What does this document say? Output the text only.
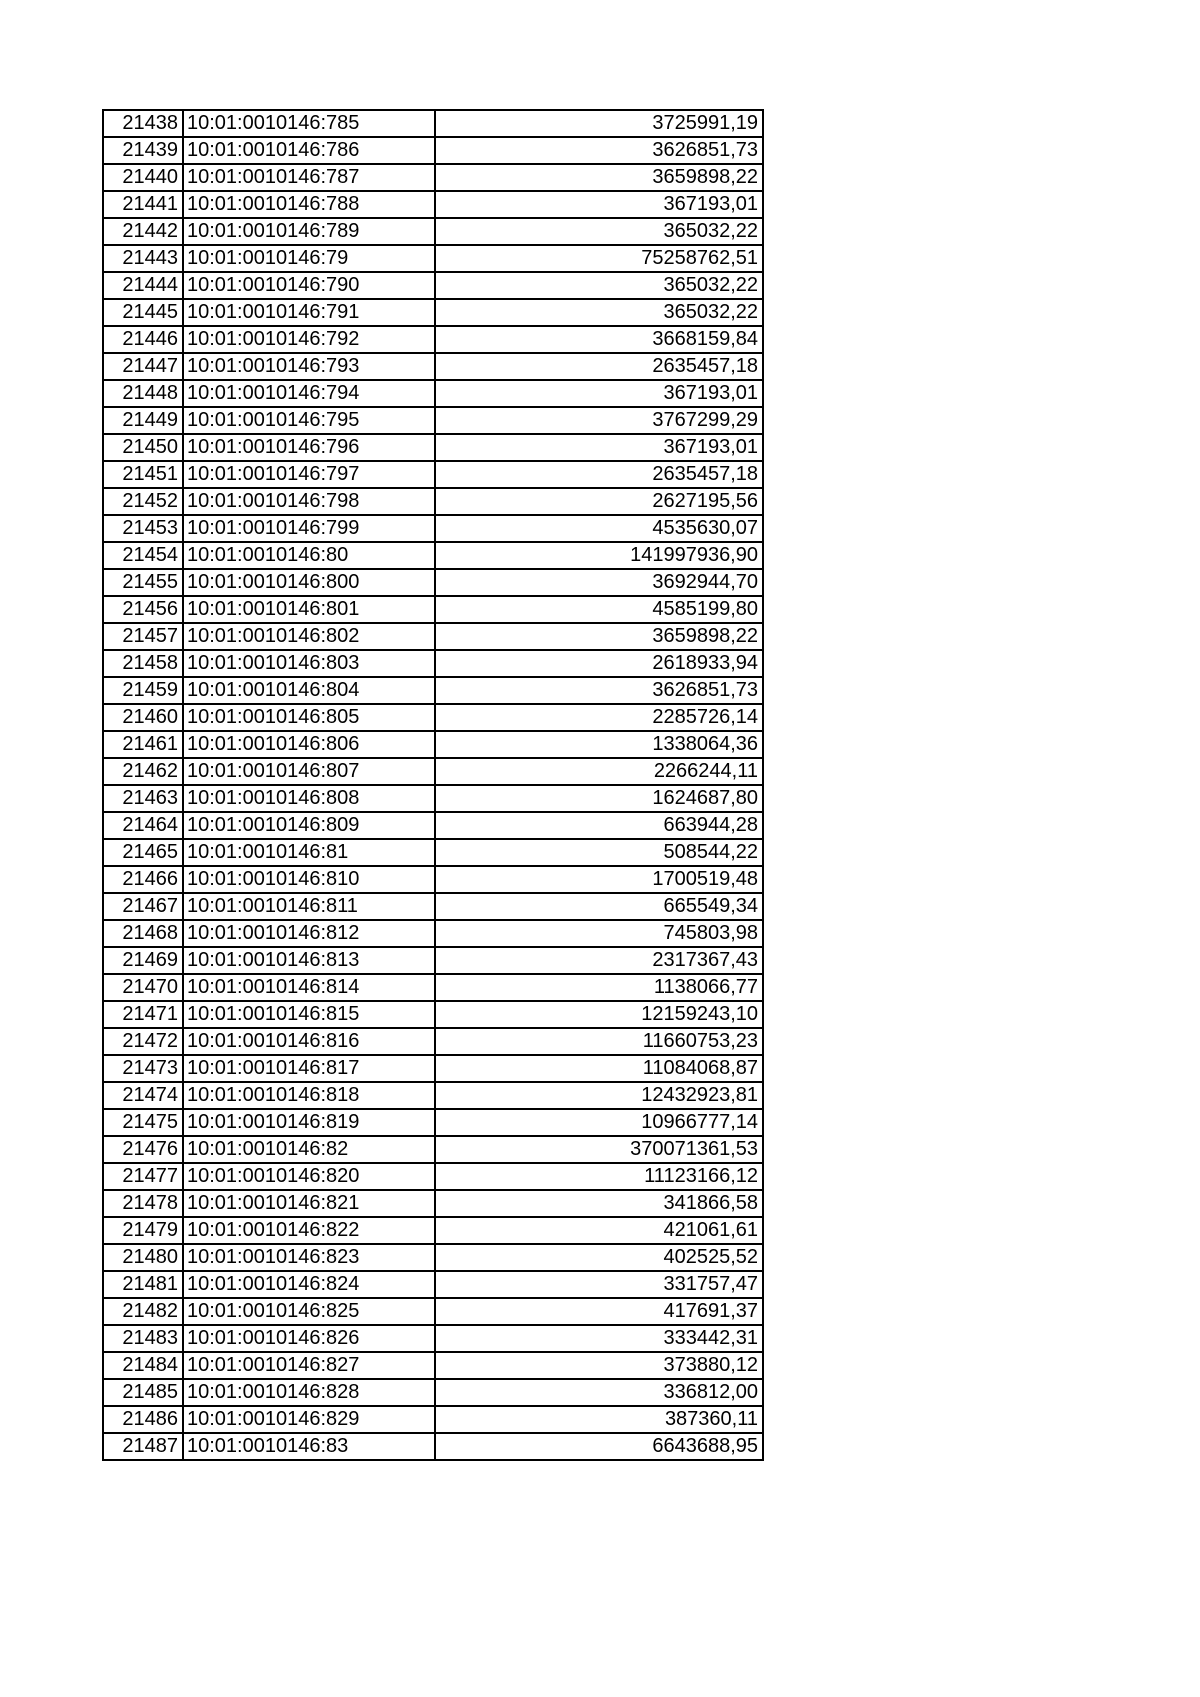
21438	10:01:0010146:785	3725991,19
21439	10:01:0010146:786	3626851,73
21440	10:01:0010146:787	3659898,22
21441	10:01:0010146:788	367193,01
21442	10:01:0010146:789	365032,22
21443	10:01:0010146:79	75258762,51
21444	10:01:0010146:790	365032,22
21445	10:01:0010146:791	365032,22
21446	10:01:0010146:792	3668159,84
21447	10:01:0010146:793	2635457,18
21448	10:01:0010146:794	367193,01
21449	10:01:0010146:795	3767299,29
21450	10:01:0010146:796	367193,01
21451	10:01:0010146:797	2635457,18
21452	10:01:0010146:798	2627195,56
21453	10:01:0010146:799	4535630,07
21454	10:01:0010146:80	141997936,90
21455	10:01:0010146:800	3692944,70
21456	10:01:0010146:801	4585199,80
21457	10:01:0010146:802	3659898,22
21458	10:01:0010146:803	2618933,94
21459	10:01:0010146:804	3626851,73
21460	10:01:0010146:805	2285726,14
21461	10:01:0010146:806	1338064,36
21462	10:01:0010146:807	2266244,11
21463	10:01:0010146:808	1624687,80
21464	10:01:0010146:809	663944,28
21465	10:01:0010146:81	508544,22
21466	10:01:0010146:810	1700519,48
21467	10:01:0010146:811	665549,34
21468	10:01:0010146:812	745803,98
21469	10:01:0010146:813	2317367,43
21470	10:01:0010146:814	1138066,77
21471	10:01:0010146:815	12159243,10
21472	10:01:0010146:816	11660753,23
21473	10:01:0010146:817	11084068,87
21474	10:01:0010146:818	12432923,81
21475	10:01:0010146:819	10966777,14
21476	10:01:0010146:82	370071361,53
21477	10:01:0010146:820	11123166,12
21478	10:01:0010146:821	341866,58
21479	10:01:0010146:822	421061,61
21480	10:01:0010146:823	402525,52
21481	10:01:0010146:824	331757,47
21482	10:01:0010146:825	417691,37
21483	10:01:0010146:826	333442,31
21484	10:01:0010146:827	373880,12
21485	10:01:0010146:828	336812,00
21486	10:01:0010146:829	387360,11
21487	10:01:0010146:83	6643688,95
